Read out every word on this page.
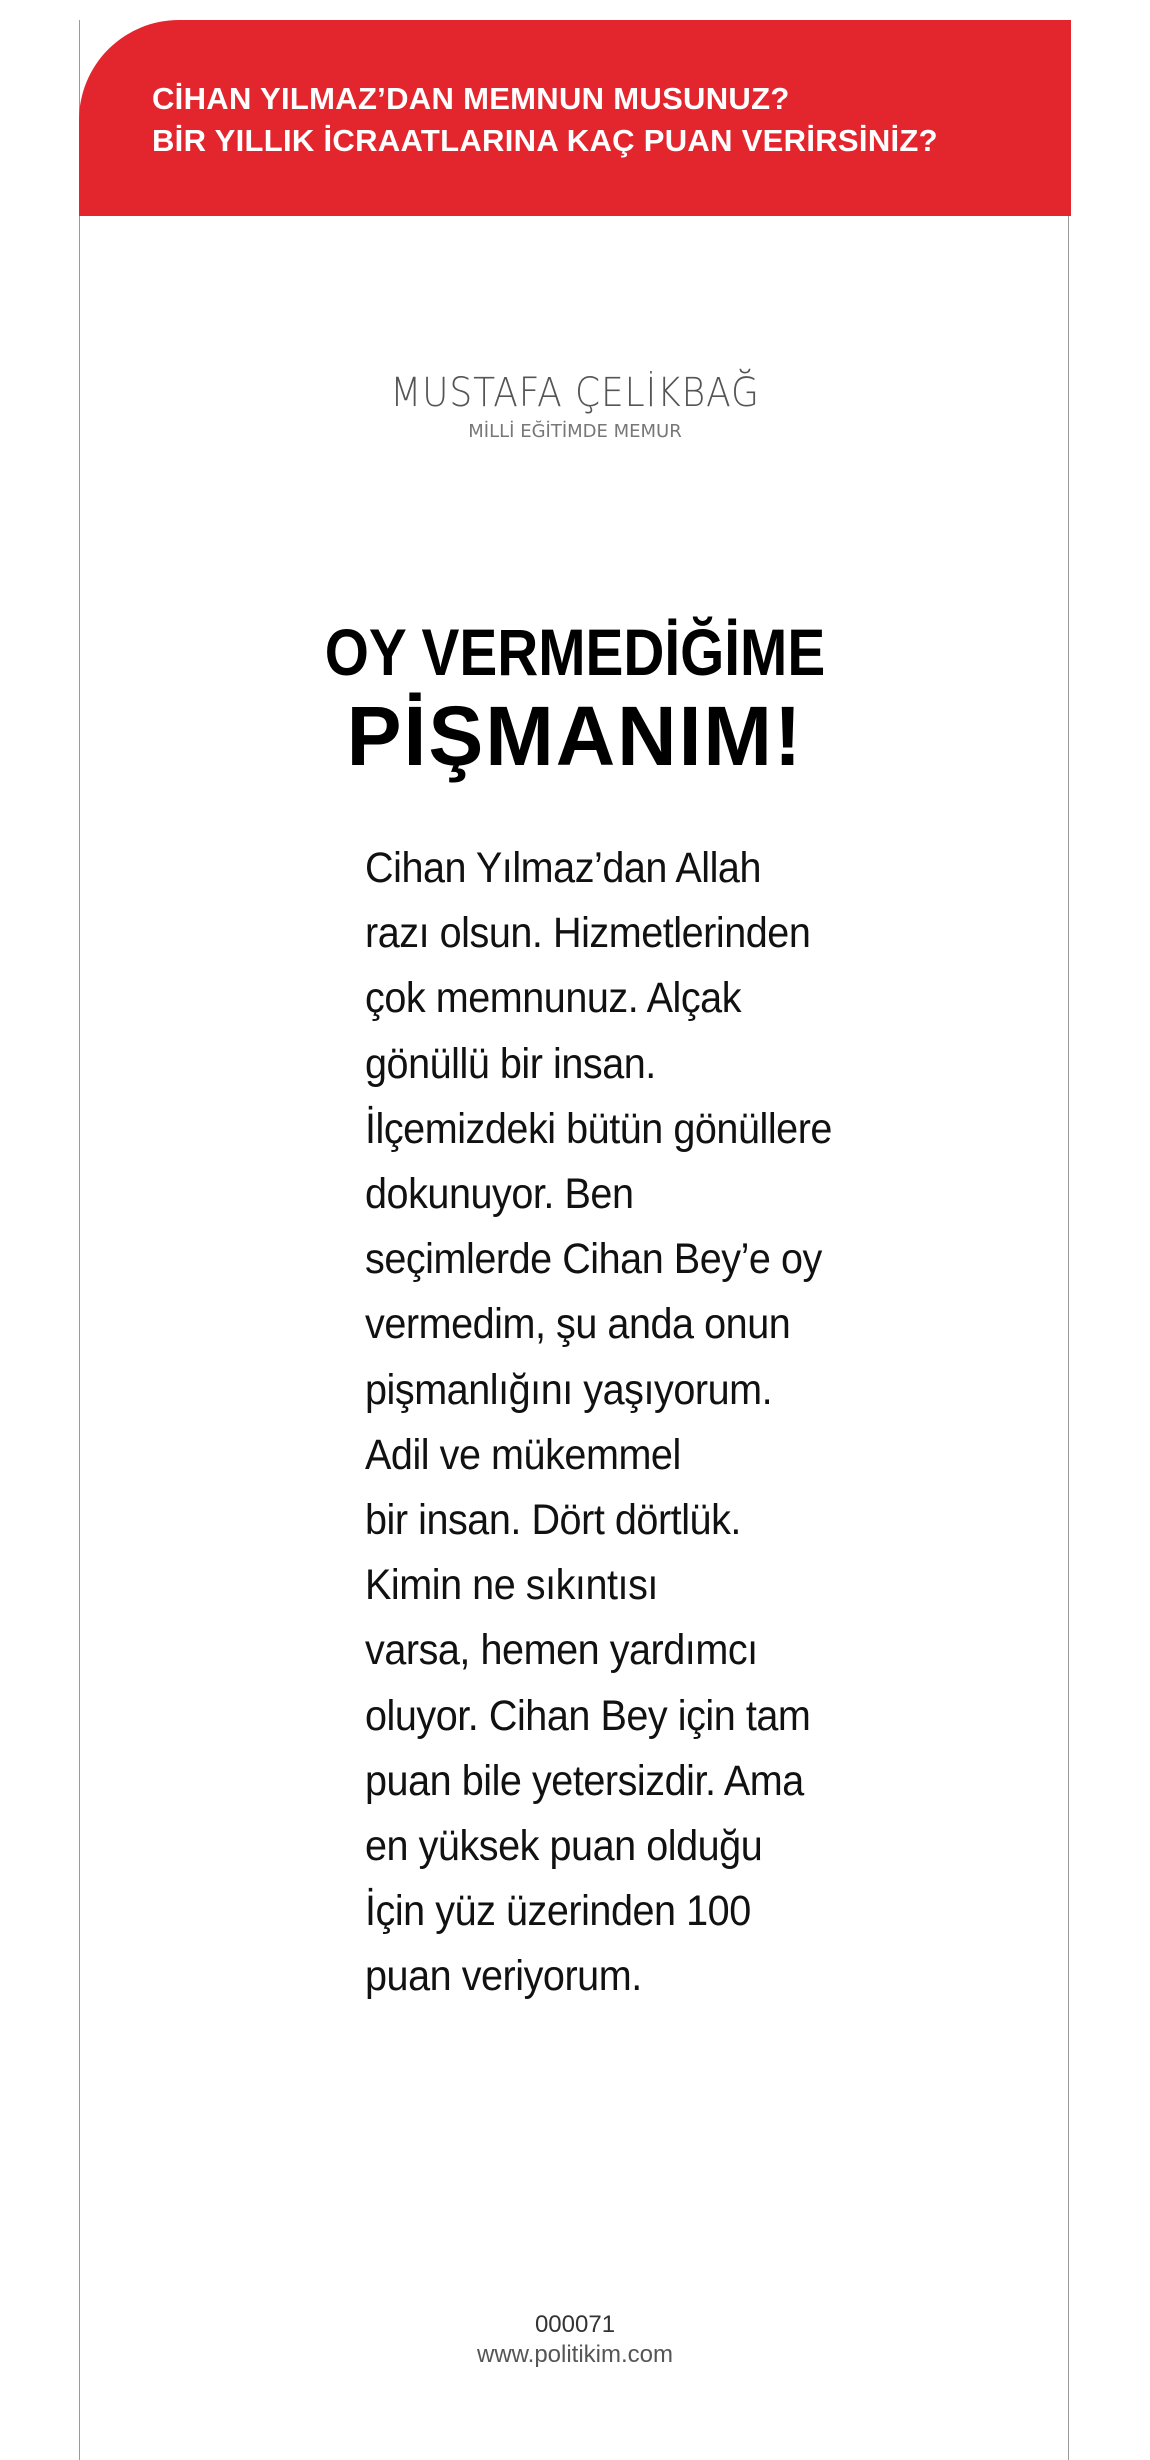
CİHAN YILMAZ’DAN MEMNUN MUSUNUZ?
BİR YILLIK İCRAATLARINA KAÇ PUAN VERİRSİNİZ?
MUSTAFA ÇELİKBAĞ
MİLLİ EĞİTİMDE MEMUR
OY VERMEDİĞİME
PİŞMANIM!
Cihan Yılmaz’dan Allah
razı olsun. Hizmetlerinden
çok memnunuz. Alçak
gönüllü bir insan.
İlçemizdeki bütün gönüllere
dokunuyor. Ben
seçimlerde Cihan Bey’e oy
vermedim, şu anda onun
pişmanlığını yaşıyorum.
Adil ve mükemmel
bir insan. Dört dörtlük.
Kimin ne sıkıntısı
varsa, hemen yardımcı
oluyor. Cihan Bey için tam
puan bile yetersizdir. Ama
en yüksek puan olduğu
İçin yüz üzerinden 100
puan veriyorum.
000071
www.politikim.com
